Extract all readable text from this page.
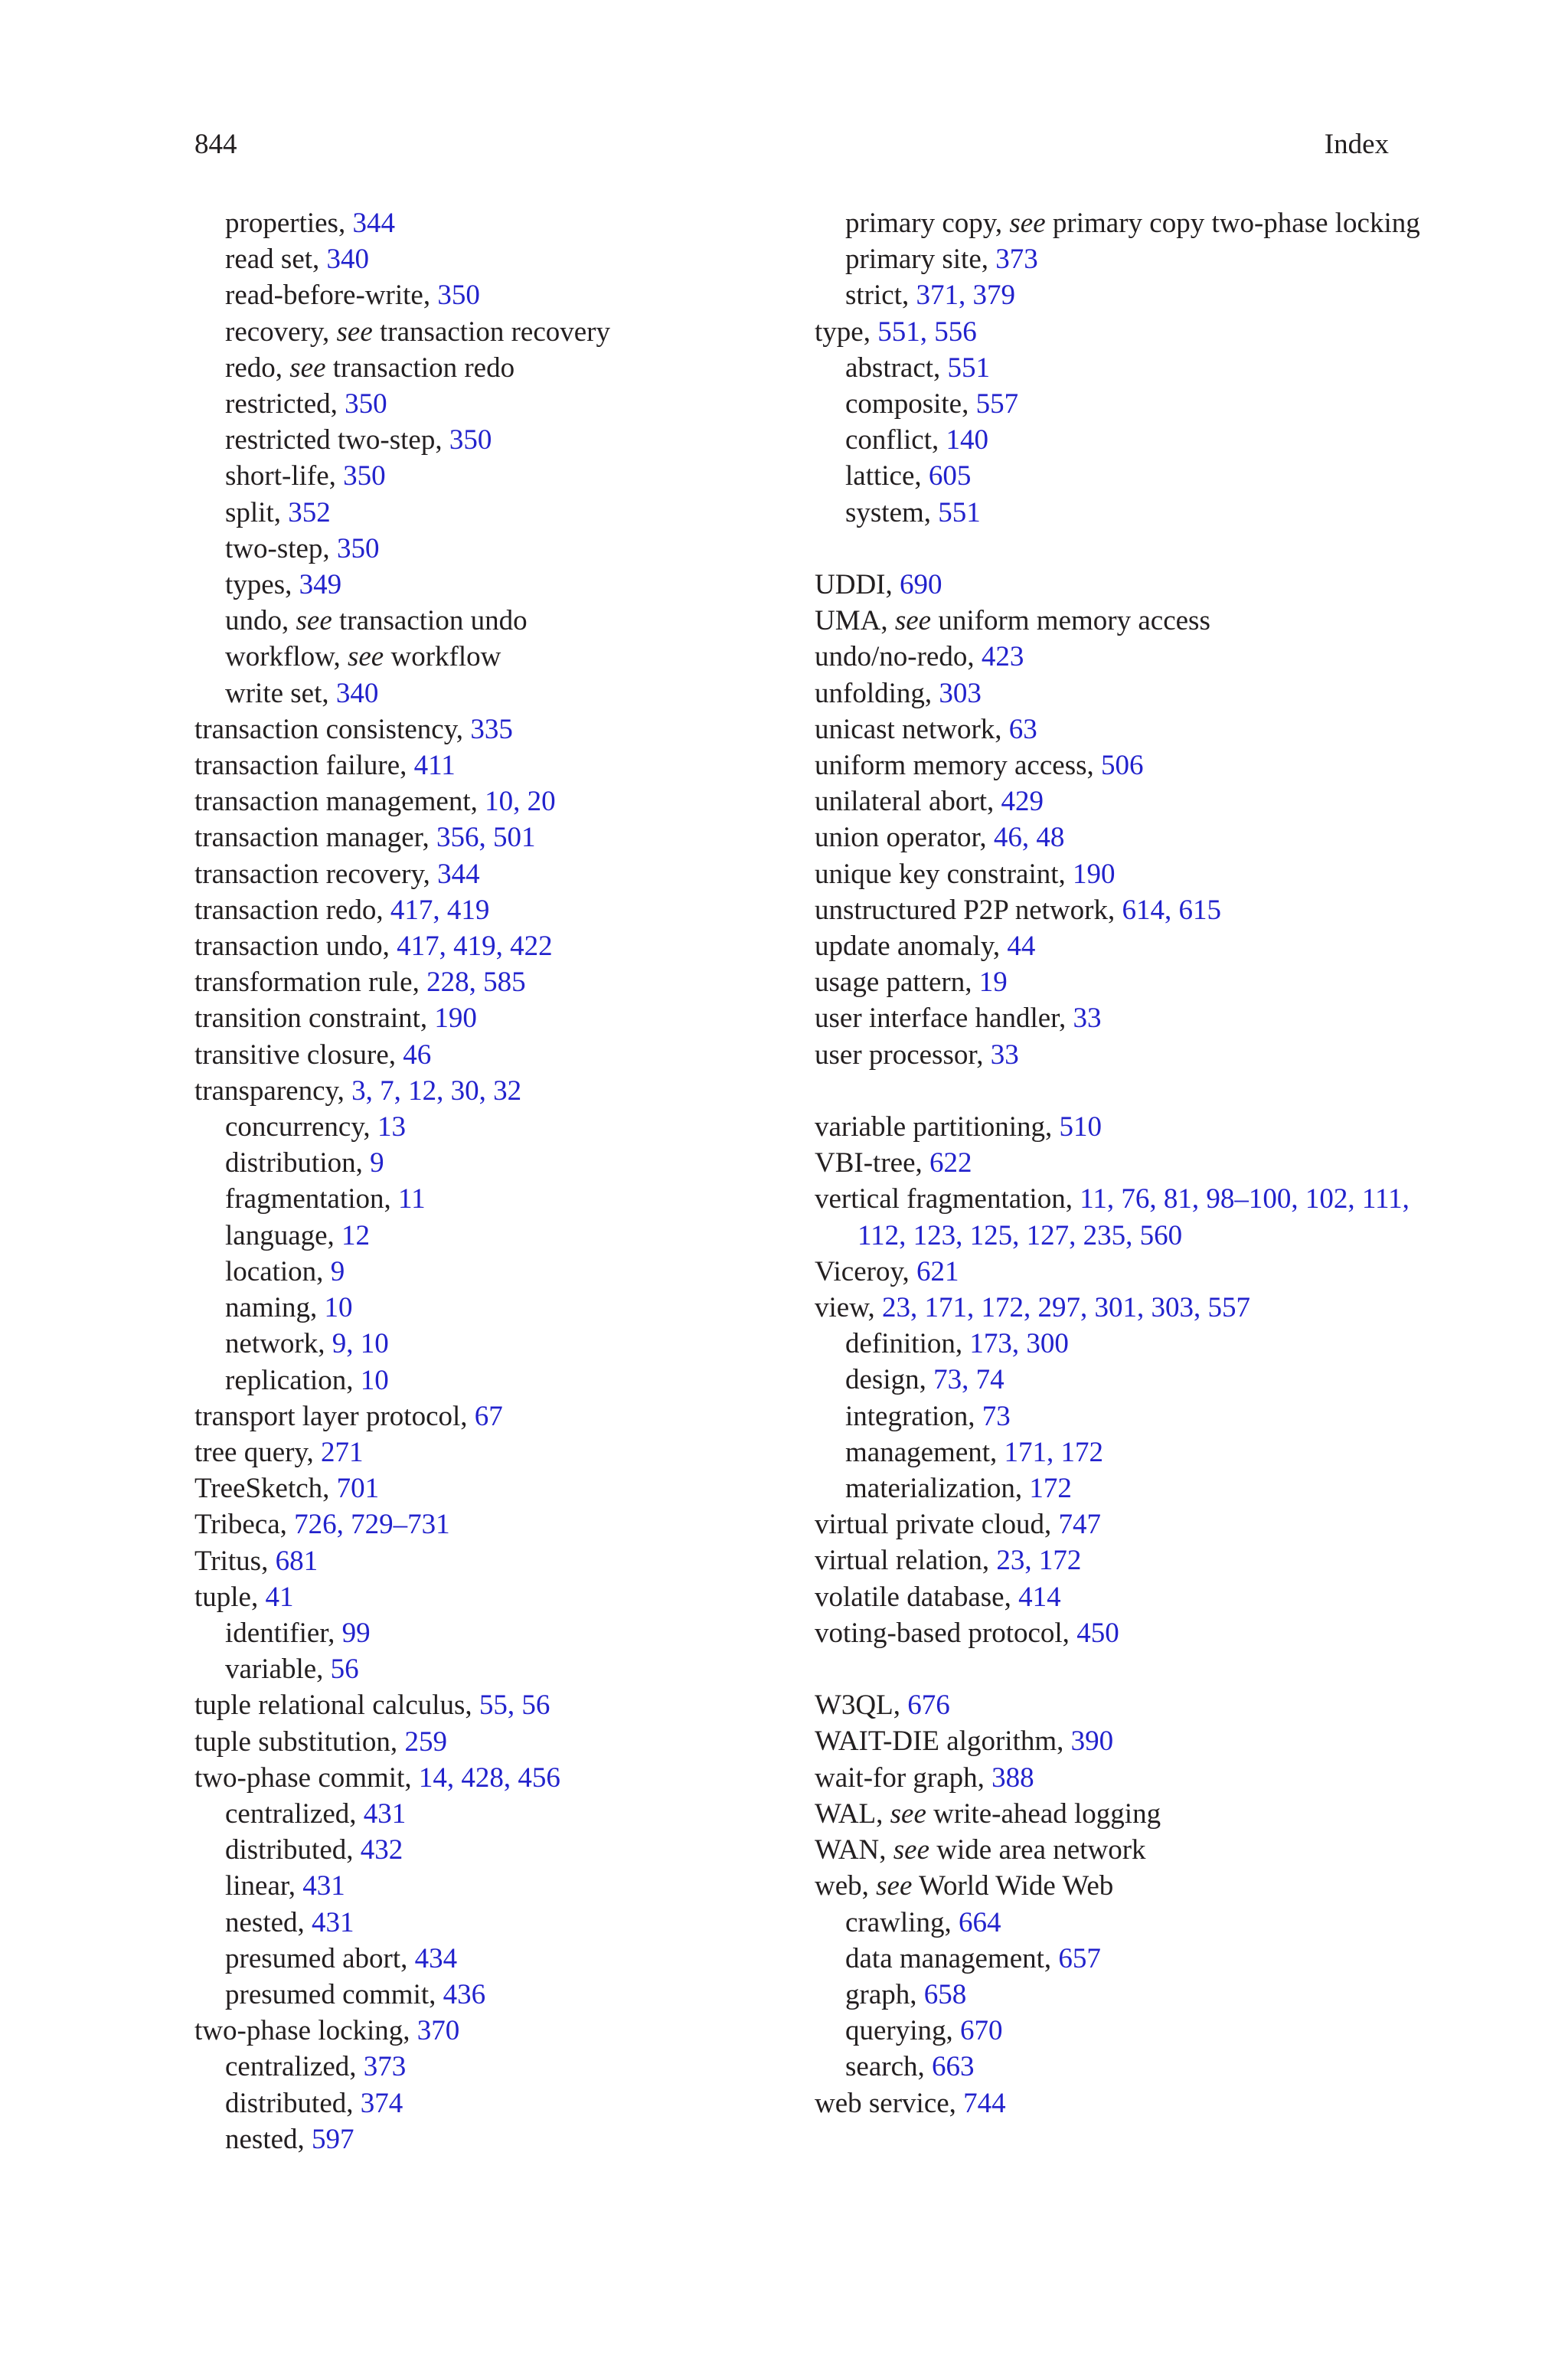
844	Index
properties, 344
read set, 340
read-before-write, 350
recovery, see transaction recovery
redo, see transaction redo
restricted, 350
restricted two-step, 350
short-life, 350
split, 352
two-step, 350
types, 349
undo, see transaction undo
workflow, see workflow
write set, 340
transaction consistency, 335
transaction failure, 411
transaction management, 10, 20
transaction manager, 356, 501
transaction recovery, 344
transaction redo, 417, 419
transaction undo, 417, 419, 422
transformation rule, 228, 585
transition constraint, 190
transitive closure, 46
transparency, 3, 7, 12, 30, 32
concurrency, 13
distribution, 9
fragmentation, 11
language, 12
location, 9
naming, 10
network, 9, 10
replication, 10
transport layer protocol, 67
tree query, 271
TreeSketch, 701
Tribeca, 726, 729–731
Tritus, 681
tuple, 41
identifier, 99
variable, 56
tuple relational calculus, 55, 56
tuple substitution, 259
two-phase commit, 14, 428, 456
centralized, 431
distributed, 432
linear, 431
nested, 431
presumed abort, 434
presumed commit, 436
two-phase locking, 370
centralized, 373
distributed, 374
nested, 597
primary copy, see primary copy two-phase locking
primary site, 373
strict, 371, 379
type, 551, 556
abstract, 551
composite, 557
conflict, 140
lattice, 605
system, 551
UDDI, 690
UMA, see uniform memory access
undo/no-redo, 423
unfolding, 303
unicast network, 63
uniform memory access, 506
unilateral abort, 429
union operator, 46, 48
unique key constraint, 190
unstructured P2P network, 614, 615
update anomaly, 44
usage pattern, 19
user interface handler, 33
user processor, 33
variable partitioning, 510
VBI-tree, 622
vertical fragmentation, 11, 76, 81, 98–100, 102, 111, 112, 123, 125, 127, 235, 560
Viceroy, 621
view, 23, 171, 172, 297, 301, 303, 557
definition, 173, 300
design, 73, 74
integration, 73
management, 171, 172
materialization, 172
virtual private cloud, 747
virtual relation, 23, 172
volatile database, 414
voting-based protocol, 450
W3QL, 676
WAIT-DIE algorithm, 390
wait-for graph, 388
WAL, see write-ahead logging
WAN, see wide area network
web, see World Wide Web
crawling, 664
data management, 657
graph, 658
querying, 670
search, 663
web service, 744
